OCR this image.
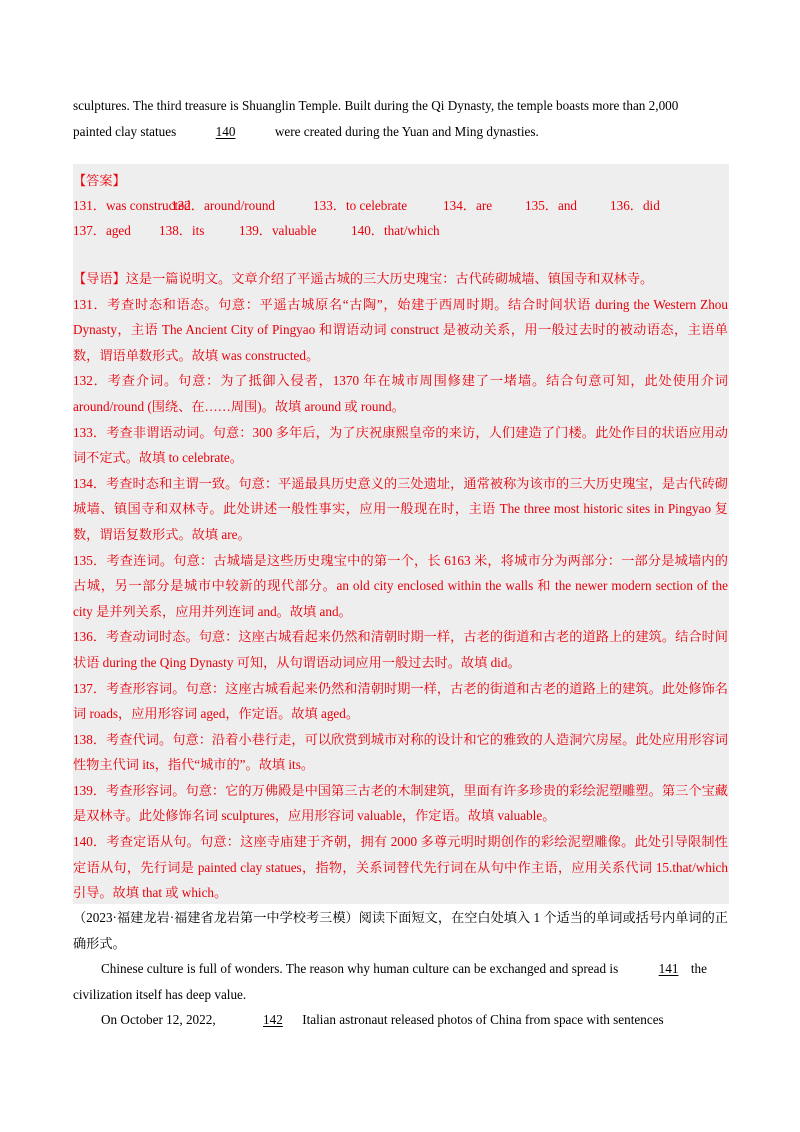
sculptures. The third treasure is Shuanglin Temple. Built during the Qi Dynasty, the temple boasts more than 2,000
painted clay statues	140	were created during the Yuan and Ming dynasties.
【答案】
131．was constructed132．around/round	133．to celebrate	134．are 135．and 136．did
137．aged 138．its	139．valuable	140．that/which

【导语】这是一篇说明文。文章介绍了平遥古城的三大历史瑰宝：古代砖砌城墙、镇国寺和双林寺。

131．考查时态和语态。句意：平遥古城原名“古陶”，始建于西周时期。结合时间状语 during the Western Zhou Dynasty，主语 The Ancient City of Pingyao 和谓语动词 construct 是被动关系，用一般过去时的被动语态，主语单数，谓语单数形式。故填 was constructed。

132．考查介词。句意：为了抵御入侵者，1370 年在城市周围修建了一堵墙。结合句意可知，此处使用介词 around/round (围绕、在……周围)。故填 around 或 round。

133．考查非谓语动词。句意：300 多年后，为了庆祝康熙皇帝的来访，人们建造了门楼。此处作目的状语应用动词不定式。故填 to celebrate。

134．考查时态和主谓一致。句意：平遥最具历史意义的三处遗址，通常被称为该市的三大历史瑰宝，是古代砖砌城墙、镇国寺和双林寺。此处讲述一般性事实，应用一般现在时，主语 The three most historic sites in Pingyao 复数，谓语复数形式。故填 are。

135．考查连词。句意：古城墙是这些历史瑰宝中的第一个，长 6163 米，将城市分为两部分：一部分是城墙内的古城，另一部分是城市中较新的现代部分。an old city enclosed within the walls 和 the newer modern section of the city 是并列关系，应用并列连词 and。故填 and。

136．考查动词时态。句意：这座古城看起来仍然和清朝时期一样，古老的街道和古老的道路上的建筑。结合时间状语 during the Qing Dynasty 可知，从句谓语动词应用一般过去时。故填 did。

137．考查形容词。句意：这座古城看起来仍然和清朝时期一样，古老的街道和古老的道路上的建筑。此处修饰名词 roads，应用形容词 aged，作定语。故填 aged。

138．考查代词。句意：沿着小巷行走，可以欣赏到城市对称的设计和它的雅致的人造洞穴房屋。此处应用形容词性物主代词 its，指代“城市的”。故填 its。

139．考查形容词。句意：它的万佛殿是中国第三古老的木制建筑，里面有许多珍贵的彩绘泥塑雕塑。第三个宝藏是双林寺。此处修饰名词 sculptures，应用形容词 valuable，作定语。故填 valuable。

140．考查定语从句。句意：这座寺庙建于齐朝，拥有 2000 多尊元明时期创作的彩绘泥塑雕像。此处引导限制性定语从句，先行词是 painted clay statues，指物，关系词替代先行词在从句中作主语，应用关系代词 15.that/which 引导。故填 that 或 which。

（2023·福建龙岩·福建省龙岩第一中学校考三模）阅读下面短文，在空白处填入 1 个适当的单词或括号内单词的正确形式。

Chinese culture is full of wonders. The reason why human culture can be exchanged and spread is	141 the civilization itself has deep value.

On October 12, 2022,	142 Italian astronaut released photos of China from space with sentences
